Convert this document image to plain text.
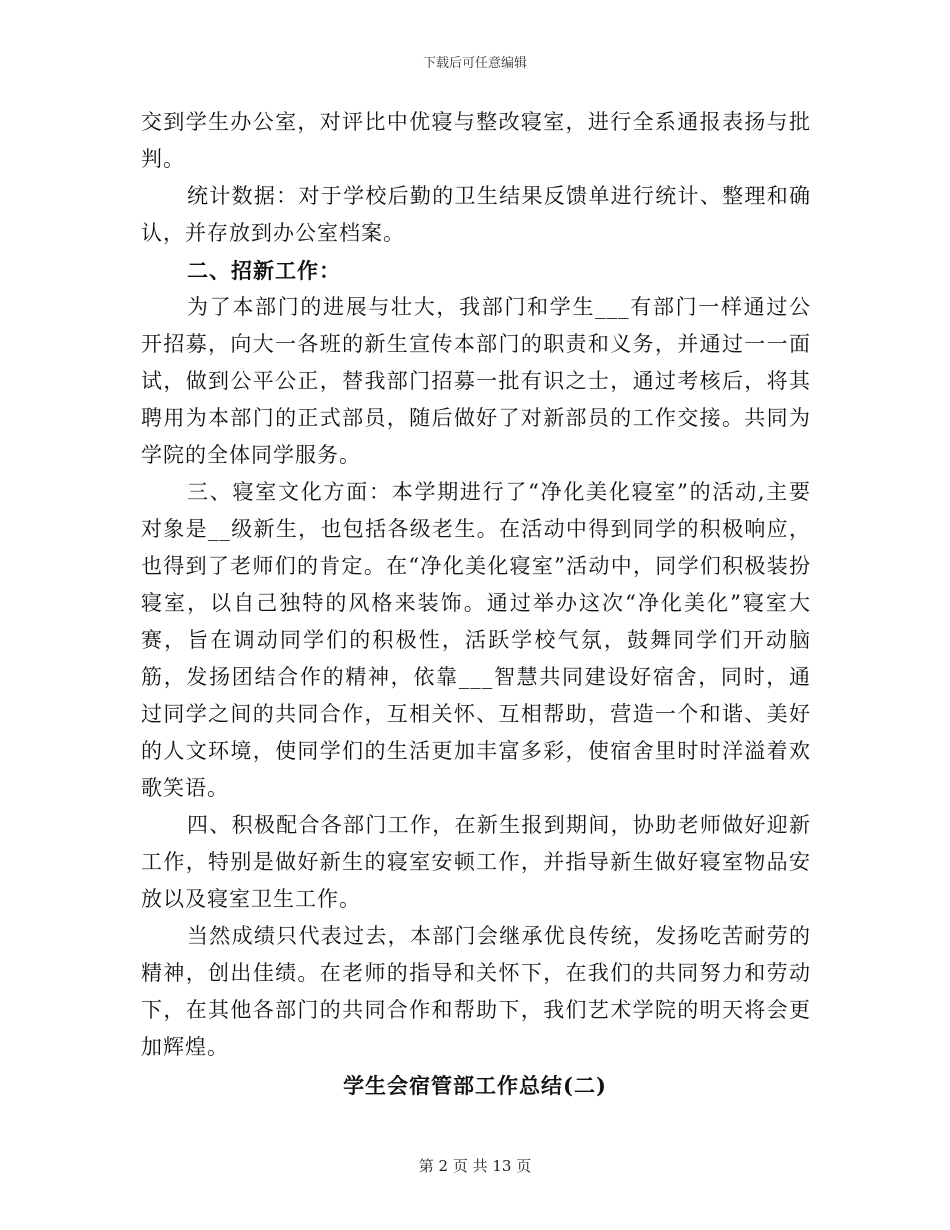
下载后可任意编辑

交到学生办公室，对评比中优寝与整改寝室，进行全系通报表扬与批判。

统计数据：对于学校后勤的卫生结果反馈单进行统计、整理和确认，并存放到办公室档案。

二、招新工作：

为了本部门的进展与壮大，我部门和学生___有部门一样通过公开招募，向大一各班的新生宣传本部门的职责和义务，并通过一一面试，做到公平公正，替我部门招募一批有识之士，通过考核后，将其聘用为本部门的正式部员，随后做好了对新部员的工作交接。共同为学院的全体同学服务。

三、寝室文化方面：本学期进行了“净化美化寝室”的活动,主要对象是__级新生，也包括各级老生。在活动中得到同学的积极响应，也得到了老师们的肯定。在“净化美化寝室”活动中，同学们积极装扮寝室，以自己独特的风格来装饰。通过举办这次“净化美化”寝室大赛，旨在调动同学们的积极性，活跃学校气氛，鼓舞同学们开动脑筋，发扬团结合作的精神，依靠___智慧共同建设好宿舍，同时，通过同学之间的共同合作，互相关怀、互相帮助，营造一个和谐、美好的人文环境，使同学们的生活更加丰富多彩，使宿舍里时时洋溢着欢歌笑语。

四、积极配合各部门工作，在新生报到期间，协助老师做好迎新工作，特别是做好新生的寝室安顿工作，并指导新生做好寝室物品安放以及寝室卫生工作。

当然成绩只代表过去，本部门会继承优良传统，发扬吃苦耐劳的精神，创出佳绩。在老师的指导和关怀下，在我们的共同努力和劳动下，在其他各部门的共同合作和帮助下，我们艺术学院的明天将会更加辉煌。

学生会宿管部工作总结(二)
第 2 页 共 13 页
